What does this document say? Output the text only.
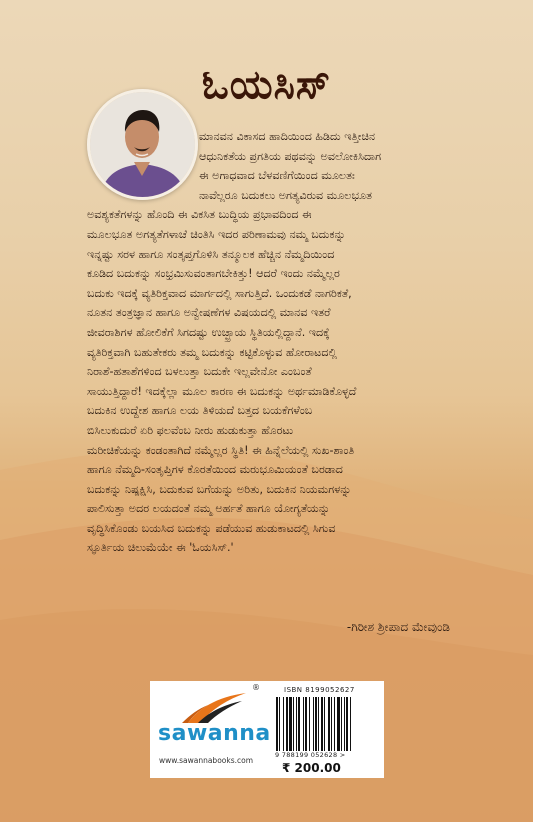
ಓಯಸಿಸ್
ಮಾನವನ ವಿಕಾಸದ ಹಾದಿಯಿಂದ ಹಿಡಿದು ಇತ್ತೀಚಿನ
ಆಧುನಿಕತೆಯ ಪ್ರಗತಿಯ ಪಥವನ್ನು ಅವಲೋಕಿಸಿದಾಗ
ಈ ಅಗಾಧವಾದ ಬೆಳವಣಿಗೆಯಿಂದ ಮೂಲತಃ
ನಾವೆಲ್ಲರೂ ಬದುಕಲು ಅಗತ್ಯವಿರುವ ಮೂಲಭೂತ
ಅವಶ್ಯಕತೆಗಳನ್ನು ಹೊಂದಿ ಈ ವಿಕಸಿತ ಬುದ್ಧಿಯ ಪ್ರಭಾವದಿಂದ ಈ
ಮೂಲಭೂತ ಅಗತ್ಯತೆಗಳಾಚೆ ಚಿಂತಿಸಿ ಇದರ ಪರಿಣಾಮವು ನಮ್ಮ ಬದುಕನ್ನು
ಇನ್ನಷ್ಟು ಸರಳ ಹಾಗೂ ಸಂತೃಪ್ತಗೊಳಿಸಿ ತನ್ಮೂಲಕ ಹೆಚ್ಚಿನ ನೆಮ್ಮದಿಯಿಂದ
ಕೂಡಿದ ಬದುಕನ್ನು ಸಂಭ್ರಮಿಸುವಂತಾಗಬೇಕಿತ್ತು! ಆದರೆ ಇಂದು ನಮ್ಮೆಲ್ಲರ
ಬದುಕು ಇದಕ್ಕೆ ವ್ಯತಿರಿಕ್ತವಾದ ಮಾರ್ಗದಲ್ಲಿ ಸಾಗುತ್ತಿದೆ. ಒಂದುಕಡೆ ನಾಗರಿಕತೆ,
ನೂತನ ತಂತ್ರಜ್ಞಾನ ಹಾಗೂ ಅನ್ವೇಷಣೆಗಳ ವಿಷಯದಲ್ಲಿ ಮಾನವ ಇತರೆ
ಜೀವರಾಶಿಗಳ ಹೋಲಿಕೆಗೆ ಸಿಗದಷ್ಟು ಉಚ್ಛ್ರಾಯ ಸ್ಥಿತಿಯಲ್ಲಿದ್ದಾನೆ. ಇದಕ್ಕೆ
ವ್ಯತಿರಿಕ್ತವಾಗಿ ಬಹುತೇಕರು ತಮ್ಮ ಬದುಕನ್ನು ಕಟ್ಟಿಕೊಳ್ಳುವ ಹೋರಾಟದಲ್ಲಿ
ನಿರಾಶೆ-ಹತಾಶೆಗಳಿಂದ ಬಳಲುತ್ತಾ ಬದುಕೇ ಇಲ್ಲವೇನೋ ಎಂಬಂತೆ
ಸಾಯುತ್ತಿದ್ದಾರೆ! ಇದಕ್ಕೆಲ್ಲಾ ಮೂಲ ಕಾರಣ ಈ ಬದುಕನ್ನು ಅರ್ಥಮಾಡಿಕೊಳ್ಳದೆ
ಬದುಕಿನ ಉದ್ದೇಶ ಹಾಗೂ ಲಯ ತಿಳಿಯದೆ ಬತ್ತದ ಬಯಕೆಗಳೆಂಬ
ಬಿಸಿಲುಕುದುರೆ ಏರಿ ಫಲವೆಂಬ ನೀರು ಹುಡುಕುತ್ತಾ ಹೊರಟು
ಮರೀಚಿಕೆಯನ್ನು ಕಂಡಂತಾಗಿದೆ ನಮ್ಮೆಲ್ಲರ ಸ್ಥಿತಿ! ಈ ಹಿನ್ನೆಲೆಯಲ್ಲಿ ಸುಖ-ಶಾಂತಿ
ಹಾಗೂ ನೆಮ್ಮದಿ-ಸಂತೃಪ್ತಿಗಳ ಕೊರತೆಯಿಂದ ಮರುಭೂಮಿಯಂತೆ ಬರಡಾದ
ಬದುಕನ್ನು ನಿಷ್ಪಕ್ಷಿಸಿ, ಬದುಕುವ ಬಗೆಯನ್ನು ಅರಿತು, ಬದುಕಿನ ನಿಯಮಗಳನ್ನು
ಪಾಲಿಸುತ್ತಾ ಅದರ ಲಯದಂತೆ ನಮ್ಮ ಅರ್ಹತೆ ಹಾಗೂ ಯೋಗ್ಯತೆಯನ್ನು
ವೃದ್ಧಿಸಿಕೊಂಡು ಬಯಸಿದ ಬದುಕನ್ನು ಪಡೆಯುವ ಹುಡುಕಾಟದಲ್ಲಿ ಸಿಗುವ
ಸ್ಫೂರ್ತಿಯ ಚಿಲುಮೆಯೇ ಈ 'ಓಯಸಿಸ್.'
-ಗಿರೀಶ ಶ್ರೀಪಾದ ಮೇವುಂಡಿ
®
sawanna
www.sawannabooks.com
ISBN 8199052627
9 788199 052628 >
₹ 200.00
